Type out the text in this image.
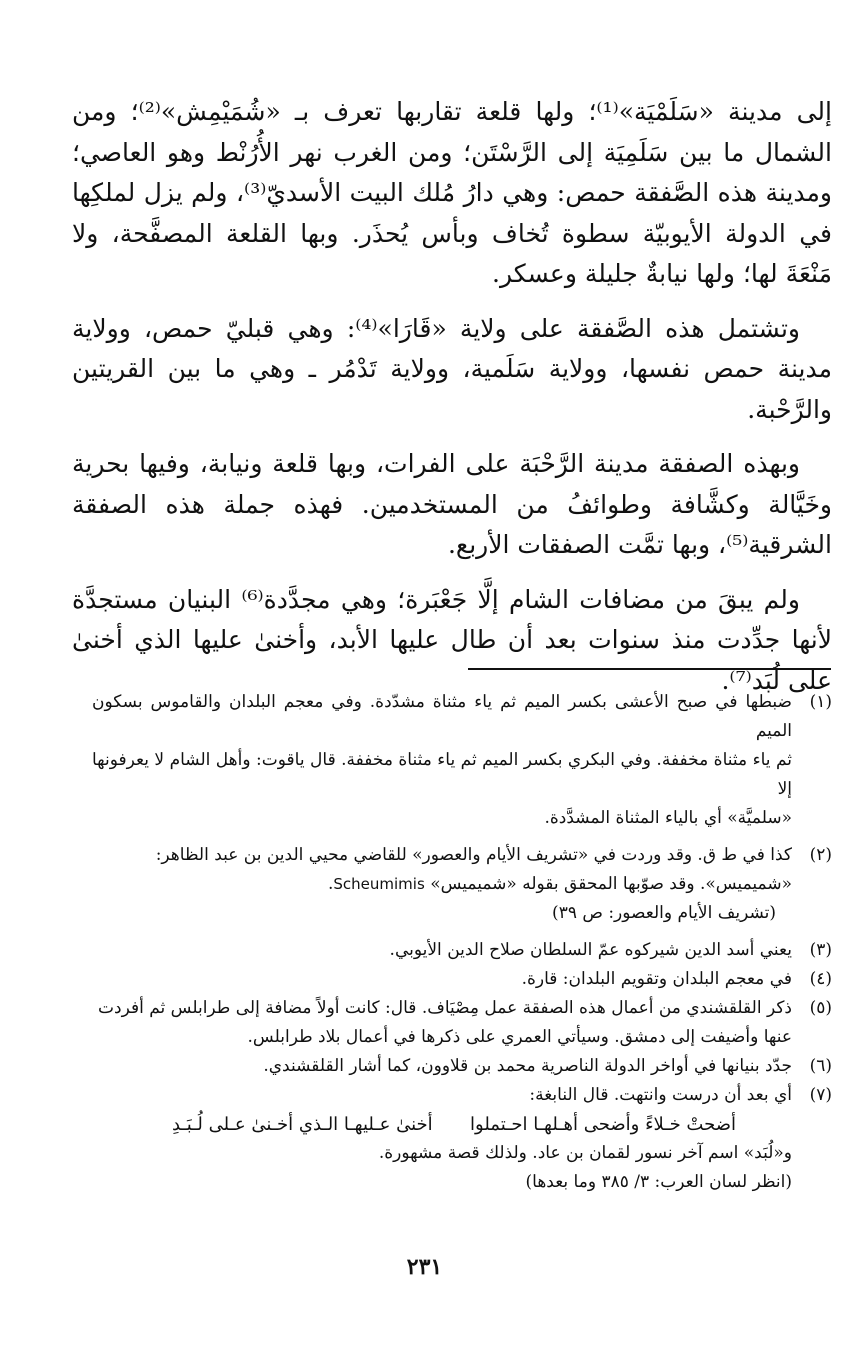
إلى مدينة «سَلَمْيَة»⁽¹⁾؛ ولها قلعة تقاربها تعرف بـ «شُمَيْمِش»⁽²⁾؛ ومن الشمال ما بين سَلَمِيَة إلى الرَّسْتَن؛ ومن الغرب نهر الأُرُنْط وهو العاصي؛ ومدينة هذه الصَّفقة حمص: وهي دارُ مُلك البيت الأسديّ⁽³⁾، ولم يزل لملكِها في الدولة الأيوبيّة سطوة تُخاف وبأس يُحذَر. وبها القلعة المصفَّحة، ولا مَنْعَةَ لها؛ ولها نيابةٌ جليلة وعسكر.

وتشتمل هذه الصَّفقة على ولاية «قَارَا»⁽⁴⁾: وهي قبليّ حمص، وولاية مدينة حمص نفسها، وولاية سَلَمية، وولاية تَدْمُر ـ وهي ما بين القريتين والرَّحْبة.

وبهذه الصفقة مدينة الرَّحْبَة على الفرات، وبها قلعة ونيابة، وفيها بحرية وخَيَّالة وكشَّافة وطوائفُ من المستخدمين. فهذه جملة هذه الصفقة الشرقية⁽⁵⁾، وبها تمَّت الصفقات الأربع.

ولم يبقَ من مضافات الشام إلَّا جَعْبَرة؛ وهي مجدَّدة⁽⁶⁾ البنيان مستجدَّة لأنها جدِّدت منذ سنوات بعد أن طال عليها الأبد، وأخنىٰ عليها الذي أخنىٰ على لُبَد⁽⁷⁾.

(١)
ضبطها في صبح الأعشى بكسر الميم ثم ياء مثناة مشدّدة. وفي معجم البلدان والقاموس بسكون الميم
ثم ياء مثناة مخففة. وفي البكري بكسر الميم ثم ياء مثناة مخففة. قال ياقوت: وأهل الشام لا يعرفونها إلا
«سلميَّة» أي بالياء المثناة المشدَّدة.
(٢)
كذا في ط ق. وقد وردت في «تشريف الأيام والعصور» للقاضي محيي الدين بن عبد الظاهر:
«شميميس». وقد صوّبها المحقق بقوله «شميميس» Scheumimis.
(تشريف الأيام والعصور: ص ٣٩)
(٣)
يعني أسد الدين شيركوه عمّ السلطان صلاح الدين الأيوبي.
(٤)
في معجم البلدان وتقويم البلدان: قارة.
(٥)
ذكر القلقشندي من أعمال هذه الصفقة عمل مِصْيَاف. قال: كانت أولاً مضافة إلى طرابلس ثم أفردت
عنها وأضيفت إلى دمشق. وسيأتي العمري على ذكرها في أعمال بلاد طرابلس.
(٦)
جدّد بنيانها في أواخر الدولة الناصرية محمد بن قلاوون، كما أشار القلقشندي.
(٧)
أي بعد أن درست وانتهت. قال النابغة:
أضحتْ خـلاءً وأضحى أهـلهـا احـتملوا
أخنىٰ عـليهـا الـذي أخـنىٰ عـلى لُـبَـدِ
و«لُبَد» اسم آخر نسور لقمان بن عاد. ولذلك قصة مشهورة.
(انظر لسان العرب: ٣/ ٣٨٥ وما بعدها)
٢٣١
